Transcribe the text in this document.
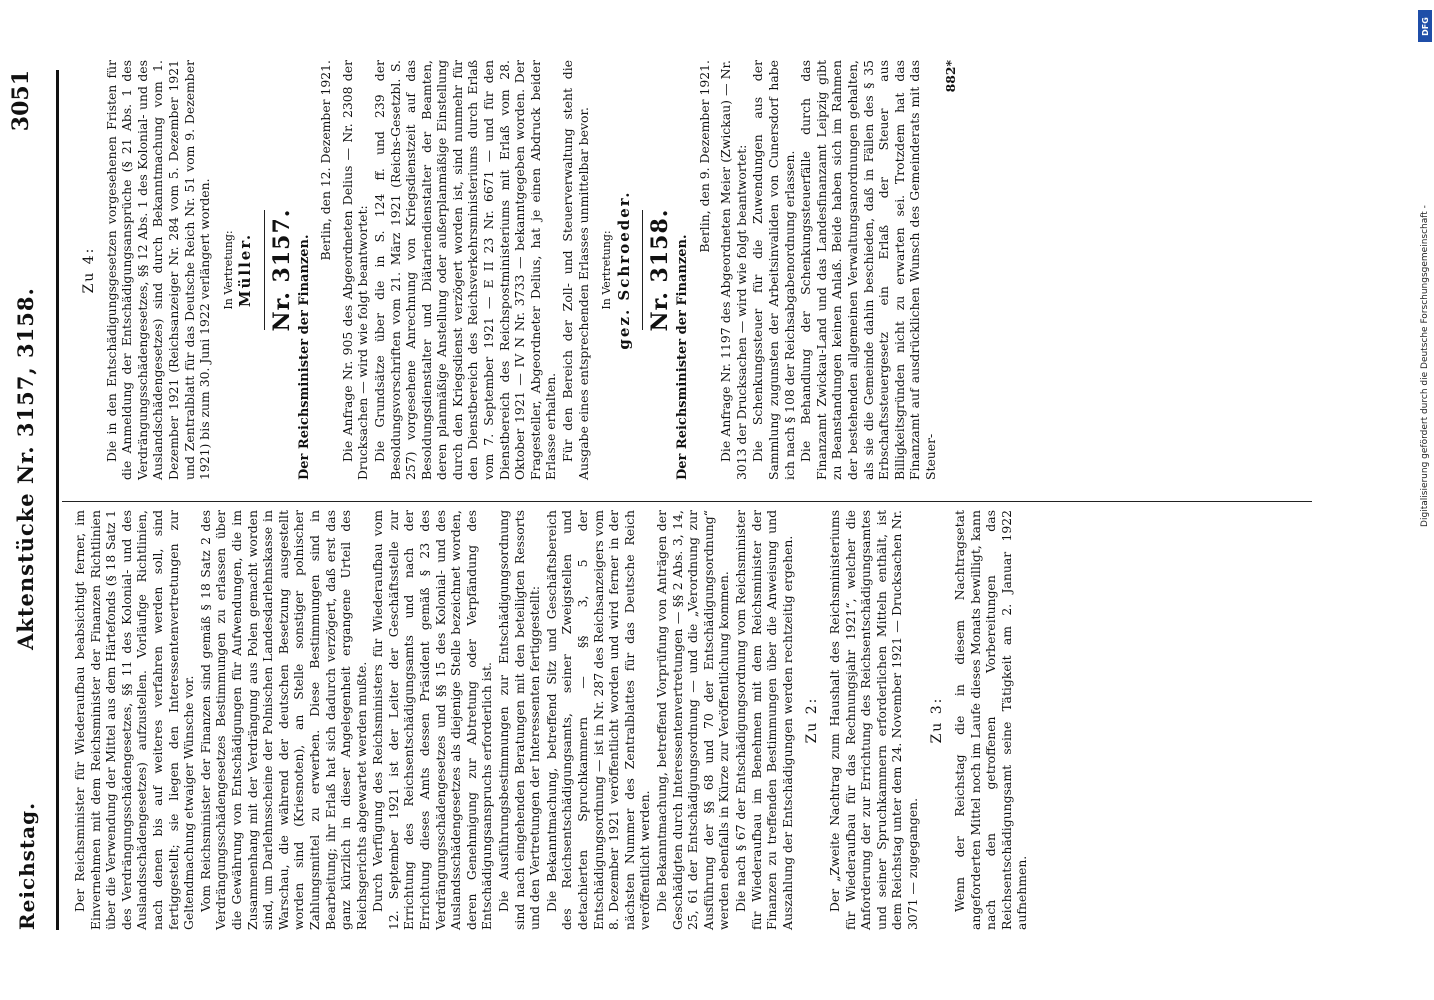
Reichstag.
Aktenstücke Nr. 3157, 3158.
3051

Der Reichsminister für Wiederaufbau beabsichtigt ferner, im Einvernehmen mit dem Reichsminister der Finanzen Richtlinien über die Verwendung der Mittel aus dem Härtefonds (§ 18 Satz 1 des Verdrängungsschädengesetzes, §§ 11 des Kolonial- und des Auslandsschädengesetzes) aufzustellen. Vorläufige Richtlinien, nach denen bis auf weiteres verfahren werden soll, sind fertiggestellt; sie liegen den Interessentenvertretungen zur Geltendmachung etwaiger Wünsche vor. Vom Reichsminister der Finanzen sind gemäß § 18 Satz 2 des Verdrängungsschädengesetzes Bestimmungen zu erlassen über die Gewährung von Entschädigungen für Aufwendungen, die im Zusammenhang mit der Verdrängung aus Polen gemacht worden sind, um Darlehnsscheine der Polnischen Landesdarlehnskasse in Warschau, die während der deutschen Besetzung ausgestellt worden sind (Kriesnoten), an Stelle sonstiger polnischer Zahlungsmittel zu erwerben. Diese Bestimmungen sind in Bearbeitung; ihr Erlaß hat sich dadurch verzögert, daß erst das ganz kürzlich in dieser Angelegenheit ergangene Urteil des Reichsgerichts abgewartet werden mußte. Durch Verfügung des Reichsministers für Wiederaufbau vom 12. September 1921 ist der Leiter der Geschäftsstelle zur Errichtung des Reichsentschädigungsamts und nach der Errichtung dieses Amts dessen Präsident gemäß § 23 des Verdrängungsschädengesetzes und §§ 15 des Kolonial- und des Auslandsschädengesetzes als diejenige Stelle bezeichnet worden, deren Genehmigung zur Abtretung oder Verpfändung des Entschädigungsanspruchs erforderlich ist. Die Ausführungsbestimmungen zur Entschädigungsordnung sind nach eingehenden Beratungen mit den beteiligten Ressorts und den Vertretungen der Interessenten fertiggestellt: Die Bekanntmachung, betreffend Sitz und Geschäftsbereich des Reichsentschädigungsamts, seiner Zweigstellen und detachierten Spruchkammern — §§ 3, 5 der Entschädigungsordnung — ist in Nr. 287 des Reichsanzeigers vom 8. Dezember 1921 veröffentlicht worden und wird ferner in der nächsten Nummer des Zentralblattes für das Deutsche Reich veröffentlicht werden. Die Bekanntmachung, betreffend Vorprüfung von Anträgen der Geschädigten durch Interessentenvertretungen — §§ 2 Abs. 3, 14, 25, 61 der Entschädigungsordnung — und die „Verordnung zur Ausführung der §§ 68 und 70 der Entschädigungsordnung“ werden ebenfalls in Kürze zur Veröffentlichung kommen. Die nach § 67 der Entschädigungsordnung vom Reichsminister für Wiederaufbau im Benehmen mit dem Reichsminister der Finanzen zu treffenden Bestimmungen über die Anweisung und Auszahlung der Entschädigungen werden rechtzeitig ergehen. Zu 2: Der „Zweite Nachtrag zum Haushalt des Reichsministeriums für Wiederaufbau für das Rechnungsjahr 1921“, welcher die Anforderung der zur Errichtung des Reichsentschädigungsamtes und seiner Spruchkammern erforderlichen Mitteln enthält, ist dem Reichstag unter dem 24. November 1921 — Drucksachen Nr. 3071 — zugegangen.

Zu 3: Wenn der Reichstag die in diesem Nachtragsetat angeforderten Mittel noch im Laufe dieses Monats bewilligt, kann nach den getroffenen Vorbereitungen das Reichsentschädigungsamt seine Tätigkeit am 2. Januar 1922 aufnehmen.

Zu 4: Die in den Entschädigungsgesetzen vorgesehenen Fristen für die Anmeldung der Entschädigungsansprüche (§ 21 Abs. 1 des Verdrängungsschädengesetzes, §§ 12 Abs. 1 des Kolonial- und des Auslandschädengesetzes) sind durch Bekanntmachung vom 1. Dezember 1921 (Reichsanzeiger Nr. 284 vom 5. Dezember 1921 und Zentralblatt für das Deutsche Reich Nr. 51 vom 9. Dezember 1921) bis zum 30. Juni 1922 verlängert worden. In Vertretung: Müller. Nr. 3157. Der Reichsminister der Finanzen.
Berlin, den 12. Dezember 1921. Die Anfrage Nr. 905 des Abgeordneten Delius — Nr. 2308 der Drucksachen — wird wie folgt beantwortet: Die Grundsätze über die in S. 124 ff. und 239 der Besoldungsvorschriften vom 21. März 1921 (Reichs-Gesetzbl. S. 257) vorgesehene Anrechnung von Kriegsdienstzeit auf das Besoldungsdienstalter und Diätariendienstalter der Beamten, deren planmäßige Anstellung oder außerplanmäßige Einstellung durch den Kriegsdienst verzögert worden ist, sind nunmehr für den Dienstbereich des Reichsverkehrsministeriums durch Erlaß vom 7. September 1921 — E II 23 Nr. 6671 — und für den Dienstbereich des Reichspostministeriums mit Erlaß vom 28. Oktober 1921 — IV N Nr. 3733 — bekanntgegeben worden. Der Fragesteller, Abgeordneter Delius, hat je einen Abdruck beider Erlasse erhalten. Für den Bereich der Zoll- und Steuerverwaltung steht die Ausgabe eines entsprechenden Erlasses unmittelbar bevor. In Vertretung: gez. Schroeder. Nr. 3158. Der Reichsminister der Finanzen.
Berlin, den 9. Dezember 1921. Die Anfrage Nr. 1197 des Abgeordneten Meier (Zwickau) — Nr. 3013 der Drucksachen — wird wie folgt beantwortet: Die Schenkungssteuer für die Zuwendungen aus der Sammlung zugunsten der Arbeitsinvaliden von Cunersdorf habe ich nach § 108 der Reichsabgabenordnung erlassen. Die Behandlung der Schenkungssteuerfälle durch das Finanzamt Zwickau-Land und das Landesfinanzamt Leipzig gibt zu Beanstandungen keinen Anlaß. Beide haben sich im Rahmen der bestehenden allgemeinen Verwaltungsanordnungen gehalten, als sie die Gemeinde dahin beschieden, daß in Fällen des § 35 Erbschaftssteuergesetz ein Erlaß der Steuer aus Billigkeitsgründen nicht zu erwarten sei. Trotzdem hat das Finanzamt auf ausdrücklichen Wunsch des Gemeinderats mit das Steuer-

882*
DFG
Digitalisierung gefördert durch die Deutsche Forschungsgemeinschaft -
